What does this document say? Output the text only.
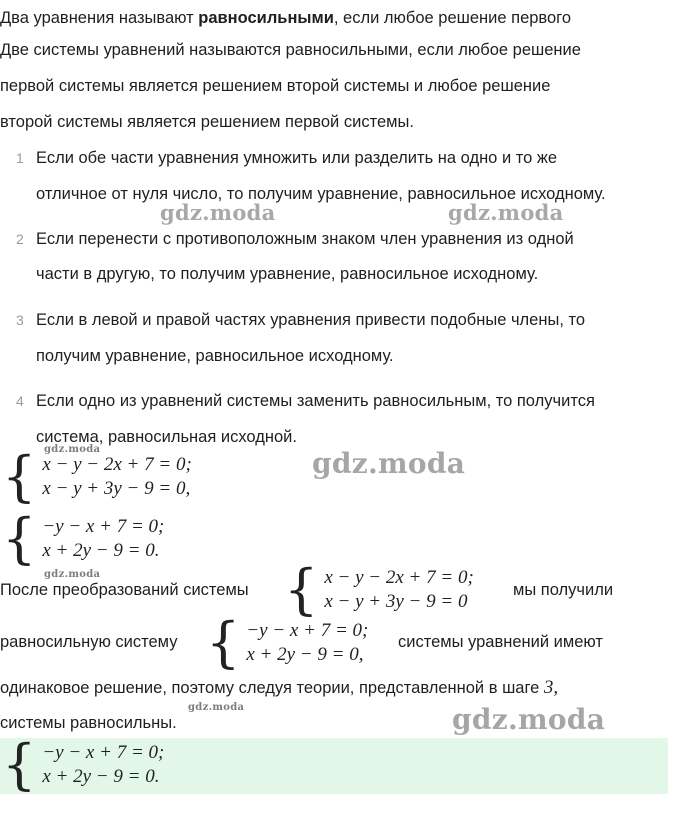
Два уравнения называют равносильными, если любое решение первого
Две системы уравнений называются равносильными, если любое решение
первой системы является решением второй системы и любое решение
второй системы является решением первой системы.
1 Если обе части уравнения умножить или разделить на одно и то же
отличное от нуля число, то получим уравнение, равносильное исходному.
2 Если перенести с противоположным знаком член уравнения из одной
части в другую, то получим уравнение, равносильное исходному.
3 Если в левой и правой частях уравнения привести подобные члены, то
получим уравнение, равносильное исходному.
4 Если одно из уравнений системы заменить равносильным, то получится
система, равносильная исходной.
{ x − y − 2x + 7 = 0;
x − y + 3y − 9 = 0,
{ −y − x + 7 = 0;
x + 2y − 9 = 0.
После преобразований системы { x − y − 2x + 7 = 0;
x − y + 3y − 9 = 0
мы получили
равносильную систему { −y − x + 7 = 0;
x + 2y − 9 = 0,
системы уравнений имеют
одинаковое решение, поэтому следуя теории, представленной в шаге 3,
системы равносильны.
{ −y − x + 7 = 0;
x + 2y − 9 = 0.
gdz.moda	gdz.moda
gdz.moda	gdz.moda
gdz.moda
gdz.moda	gdz.moda
